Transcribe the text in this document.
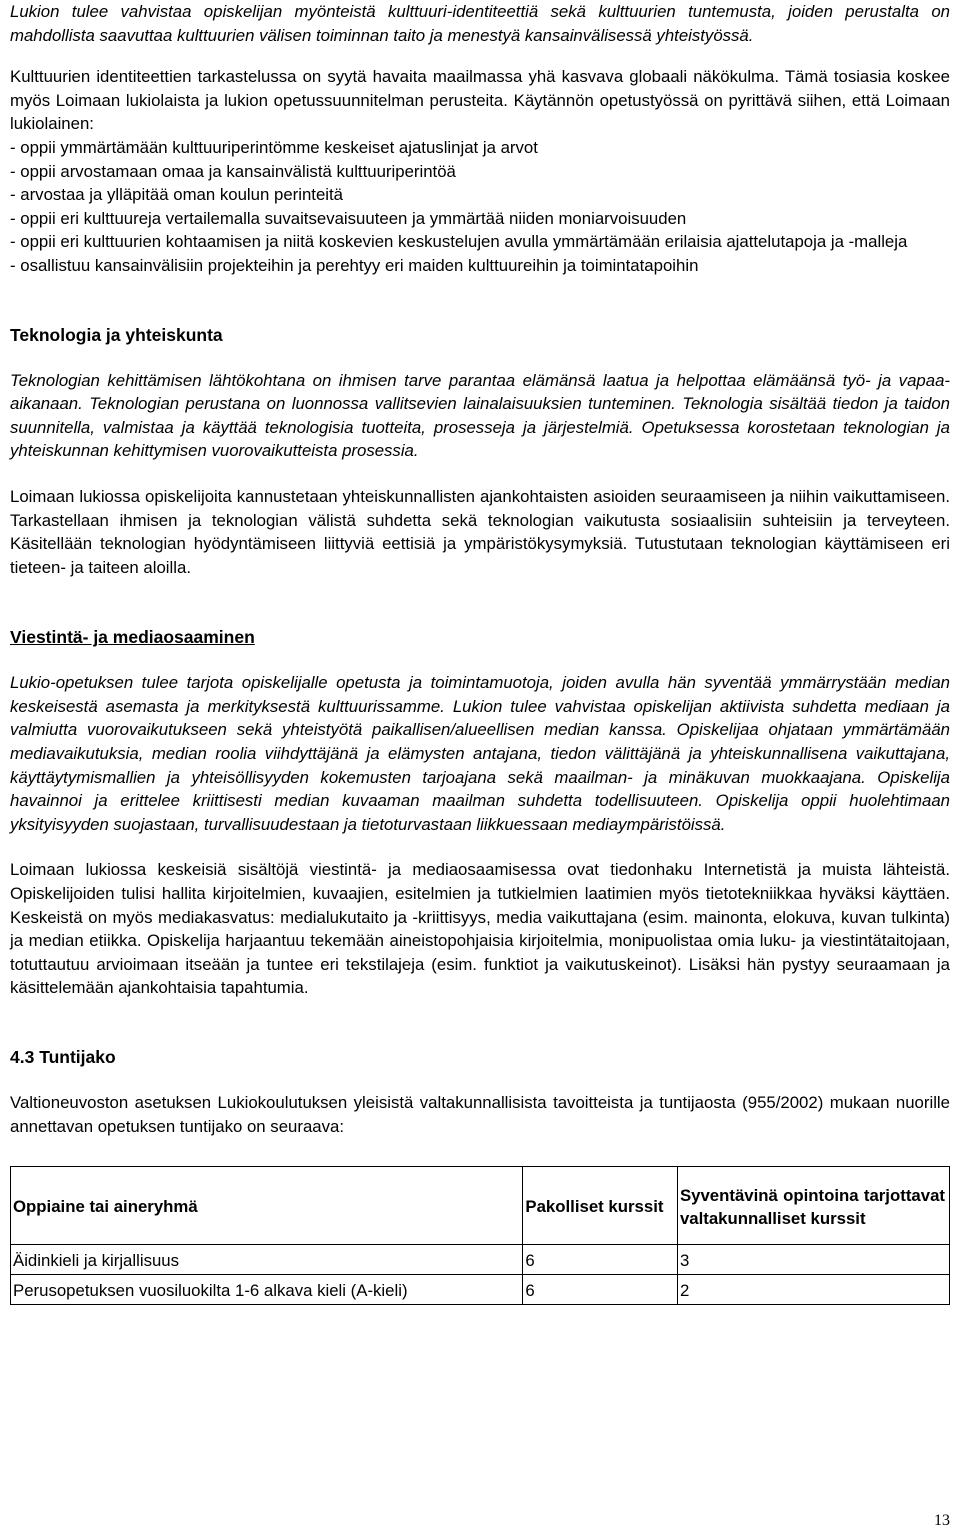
Lukion tulee vahvistaa opiskelijan myönteistä kulttuuri-identiteettiä sekä kulttuurien tuntemusta, joiden perustalta on mahdollista saavuttaa kulttuurien välisen toiminnan taito ja menestyä kansainvälisessä yhteistyössä.

Kulttuurien identiteettien tarkastelussa on syytä havaita maailmassa yhä kasvava globaali näkökulma. Tämä tosiasia koskee myös Loimaan lukiolaista ja lukion opetussuunnitelman perusteita. Käytännön opetustyössä on pyrittävä siihen, että Loimaan lukiolainen:

- oppii ymmärtämään kulttuuriperintömme keskeiset ajatuslinjat ja arvot
- oppii arvostamaan omaa ja kansainvälistä kulttuuriperintöä
- arvostaa ja ylläpitää oman koulun perinteitä
- oppii eri kulttuureja vertailemalla suvaitsevaisuuteen ja ymmärtää niiden moniarvoisuuden
- oppii eri kulttuurien kohtaamisen ja niitä koskevien keskustelujen avulla ymmärtämään erilaisia ajattelutapoja ja -malleja
- osallistuu kansainvälisiin projekteihin ja perehtyy eri maiden kulttuureihin ja toimintatapoihin

Teknologia ja yhteiskunta

Teknologian kehittämisen lähtökohtana on ihmisen tarve parantaa elämänsä laatua ja helpottaa elämäänsä työ- ja vapaa-aikanaan. Teknologian perustana on luonnossa vallitsevien lainalaisuuksien tunteminen. Teknologia sisältää tiedon ja taidon suunnitella, valmistaa ja käyttää teknologisia tuotteita, prosesseja ja järjestelmiä. Opetuksessa korostetaan teknologian ja yhteiskunnan kehittymisen vuorovaikutteista prosessia.

Loimaan lukiossa opiskelijoita kannustetaan yhteiskunnallisten ajankohtaisten asioiden seuraamiseen ja niihin vaikuttamiseen. Tarkastellaan ihmisen ja teknologian välistä suhdetta sekä teknologian vaikutusta sosiaalisiin suhteisiin ja terveyteen. Käsitellään teknologian hyödyntämiseen liittyviä eettisiä ja ympäristökysymyksiä. Tutustutaan teknologian käyttämiseen eri tieteen- ja taiteen aloilla.

Viestintä- ja mediaosaaminen

Lukio-opetuksen tulee tarjota opiskelijalle opetusta ja toimintamuotoja, joiden avulla hän syventää ymmärrystään median keskeisestä asemasta ja merkityksestä kulttuurissamme. Lukion tulee vahvistaa opiskelijan aktiivista suhdetta mediaan ja valmiutta vuorovaikutukseen sekä yhteistyötä paikallisen/alueellisen median kanssa. Opiskelijaa ohjataan ymmärtämään mediavaikutuksia, median roolia viihdyttäjänä ja elämysten antajana, tiedon välittäjänä ja yhteiskunnallisena vaikuttajana, käyttäytymismallien ja yhteisöllisyyden kokemusten tarjoajana sekä maailman- ja minäkuvan muokkaajana. Opiskelija havainnoi ja erittelee kriittisesti median kuvaaman maailman suhdetta todellisuuteen. Opiskelija oppii huolehtimaan yksityisyyden suojastaan, turvallisuudestaan ja tietoturvastaan liikkuessaan mediaympäristöissä.

Loimaan lukiossa keskeisiä sisältöjä viestintä- ja mediaosaamisessa ovat tiedonhaku Internetistä ja muista lähteistä. Opiskelijoiden tulisi hallita kirjoitelmien, kuvaajien, esitelmien ja tutkielmien laatimien myös tietotekniikkaa hyväksi käyttäen. Keskeistä on myös mediakasvatus: medialukutaito ja -kriittisyys, media vaikuttajana (esim. mainonta, elokuva, kuvan tulkinta) ja median etiikka. Opiskelija harjaantuu tekemään aineistopohjaisia kirjoitelmia, monipuolistaa omia luku- ja viestintätaitojaan, totuttautuu arvioimaan itseään ja tuntee eri tekstilajeja (esim. funktiot ja vaikutuskeinot). Lisäksi hän pystyy seuraamaan ja käsittelemään ajankohtaisia tapahtumia.

4.3 Tuntijako

Valtioneuvoston asetuksen Lukiokoulutuksen yleisistä valtakunnallisista tavoitteista ja tuntijaosta (955/2002) mukaan nuorille annettavan opetuksen tuntijako on seuraava:

Oppiaine tai aineryhmä	Pakolliset kurssit	Syventävinä opintoina tarjottavat valtakunnalliset kurssit
Äidinkieli ja kirjallisuus	6	3
Perusopetuksen vuosiluokilta 1-6 alkava kieli (A-kieli)	6	2
13
